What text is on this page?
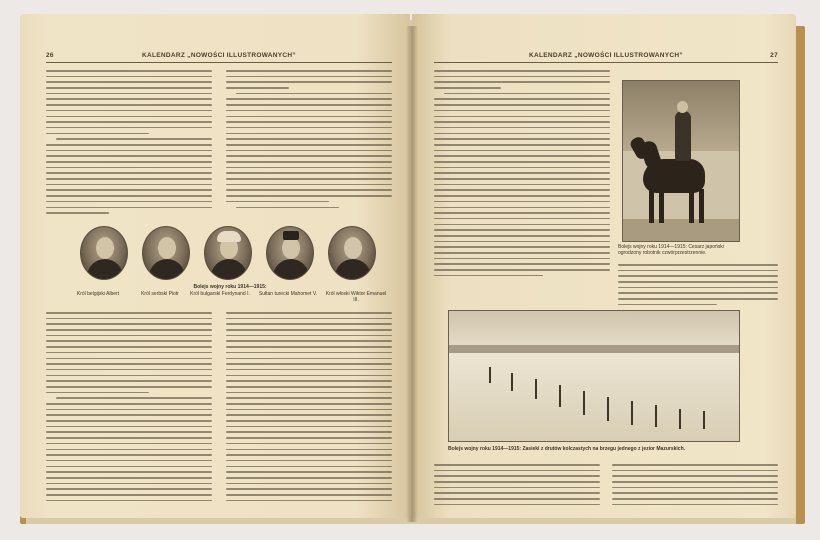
26	KALENDARZ „NOWOŚCI ILLUSTROWANYCH”
Bolejs wojny roku 1914—1915:
Król belgijski Albert	Król serbski Piotr	Król bułgarski Ferdynand I. Sułtan turecki Mahomet V.	Król włoski Wiktor Emanuel III.
KALENDARZ „NOWOŚCI ILLUSTROWANYCH”	27
Bolejs wojny roku 1914—1915: Cesarz japoński ogrodzony robotnik czwórprzestrzennie.
Bolejs wojny roku 1914—1915: Zasieki z drutów kolczastych na brzegu jednego z jezior Mazurskich.
